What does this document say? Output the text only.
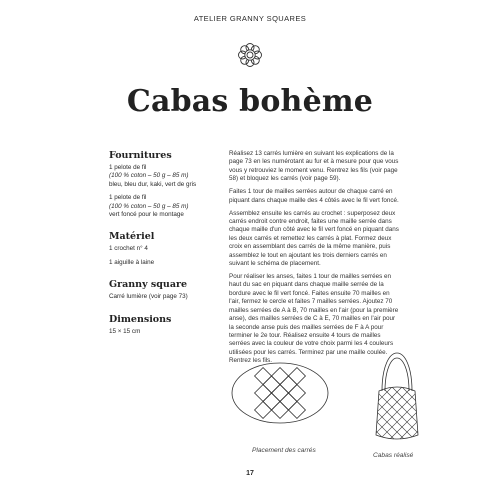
ATELIER GRANNY SQUARES
Cabas bohème
Fournitures
1 pelote de fil
(100 % coton – 50 g – 85 m)
bleu, bleu dur, kaki, vert de gris
1 pelote de fil
(100 % coton – 50 g – 85 m)
vert foncé pour le montage
Matériel
1 crochet n° 4
1 aiguille à laine
Granny square
Carré lumière (voir page 73)
Dimensions
15 × 15 cm

Réalisez 13 carrés lumière en suivant les explications de la page 73 en les numérotant au fur et à mesure pour que vous vous y retrouviez le moment venu. Rentrez les fils (voir page 58) et bloquez les carrés (voir page 59).

Faites 1 tour de mailles serrées autour de chaque carré en piquant dans chaque maille des 4 côtés avec le fil vert foncé.

Assemblez ensuite les carrés au crochet : superposez deux carrés endroit contre endroit, faites une maille serrée dans chaque maille d'un côté avec le fil vert foncé en piquant dans les deux carrés et remettez les carrés à plat. Formez deux croix en assemblant des carrés de la même manière, puis assemblez le tout en ajoutant les trois derniers carrés en suivant le schéma de placement.

Pour réaliser les anses, faites 1 tour de mailles serrées en haut du sac en piquant dans chaque maille serrée de la bordure avec le fil vert foncé. Faites ensuite 70 mailles en l'air, fermez le cercle et faites 7 mailles serrées. Ajoutez 70 mailles serrées de A à B, 70 mailles en l'air (pour la première anse), des mailles serrées de C à E, 70 mailles en l'air pour la seconde anse puis des mailles serrées de F à A pour terminer le 2e tour. Réalisez ensuite 4 tours de mailles serrées avec la couleur de votre choix parmi les 4 couleurs utilisées pour les carrés. Terminez par une maille coulée. Rentrez les fils.

Placement des carrés
Cabas réalisé
17
